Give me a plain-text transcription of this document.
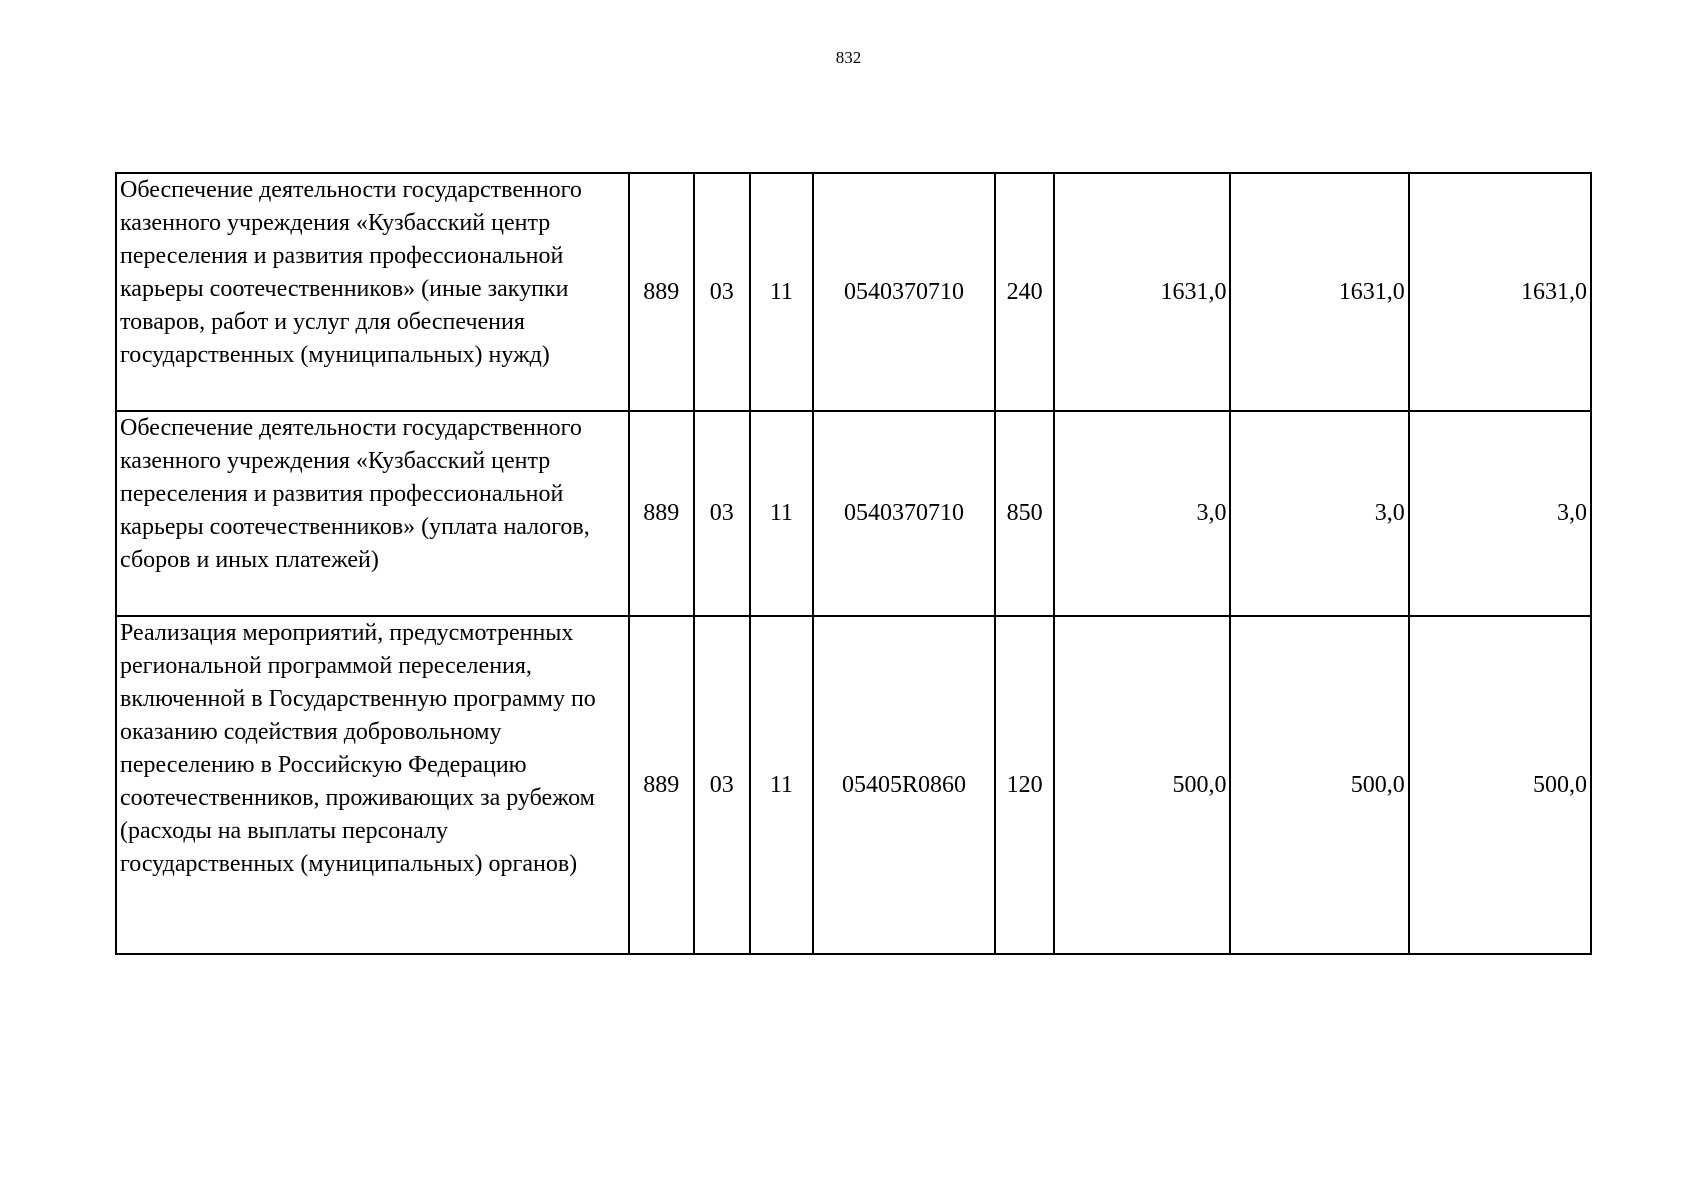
832
Обеспечение деятельности государственного казенного учреждения «Кузбасский центр переселения и развития профессиональной карьеры соотечественников» (иные закупки товаров, работ и услуг для обеспечения государственных (муниципальных) нужд)	889	03	11	0540370710	240	1631,0	1631,0	1631,0
Обеспечение деятельности государственного казенного учреждения «Кузбасский центр переселения и развития профессиональной карьеры соотечественников» (уплата налогов, сборов и иных платежей)	889	03	11	0540370710	850	3,0	3,0	3,0
Реализация мероприятий, предусмотренных региональной программой переселения, включенной в Государственную программу по оказанию содействия добровольному переселению в Российскую Федерацию соотечественников, проживающих за рубежом (расходы на выплаты персоналу государственных (муниципальных) органов)	889	03	11	05405R0860	120	500,0	500,0	500,0
